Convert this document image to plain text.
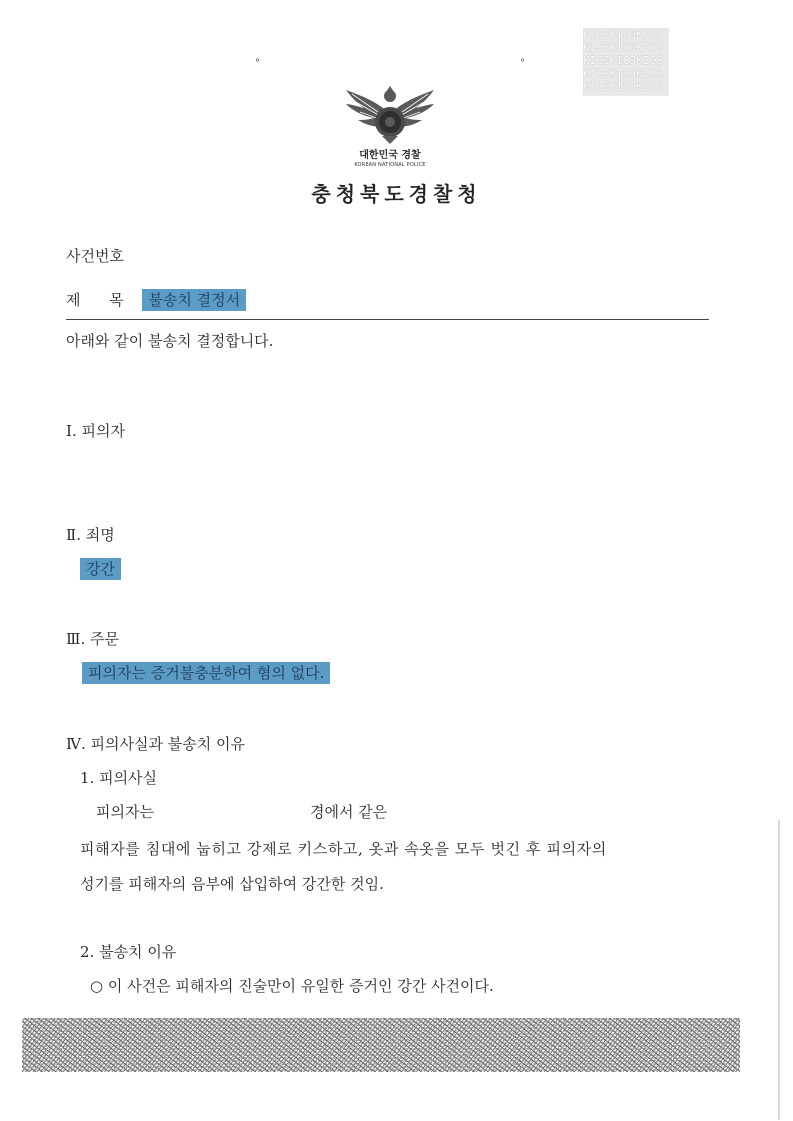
°	°
KICSKICSKICS
KICSKICSKICS
KICSKICSKICS
KICSKICSKICS
KICSKICSKICS
대한민국 경찰
KOREAN NATIONAL POLICE
충청북도경찰청
사건번호
제      목 불송치 결정서
아래와 같이 불송치 결정합니다.
Ⅰ. 피의자
Ⅱ. 죄명
강간
Ⅲ. 주문
피의자는 증거불충분하여 혐의 없다.
Ⅳ. 피의사실과 불송치 이유
1. 피의사실
피의자는	경에서 같은
피해자를 침대에 눕히고 강제로 키스하고, 옷과 속옷을 모두 벗긴 후 피의자의
성기를 피해자의 음부에 삽입하여 강간한 것임.
2. 불송치 이유
○ 이 사건은 피해자의 진술만이 유일한 증거인 강간 사건이다.
